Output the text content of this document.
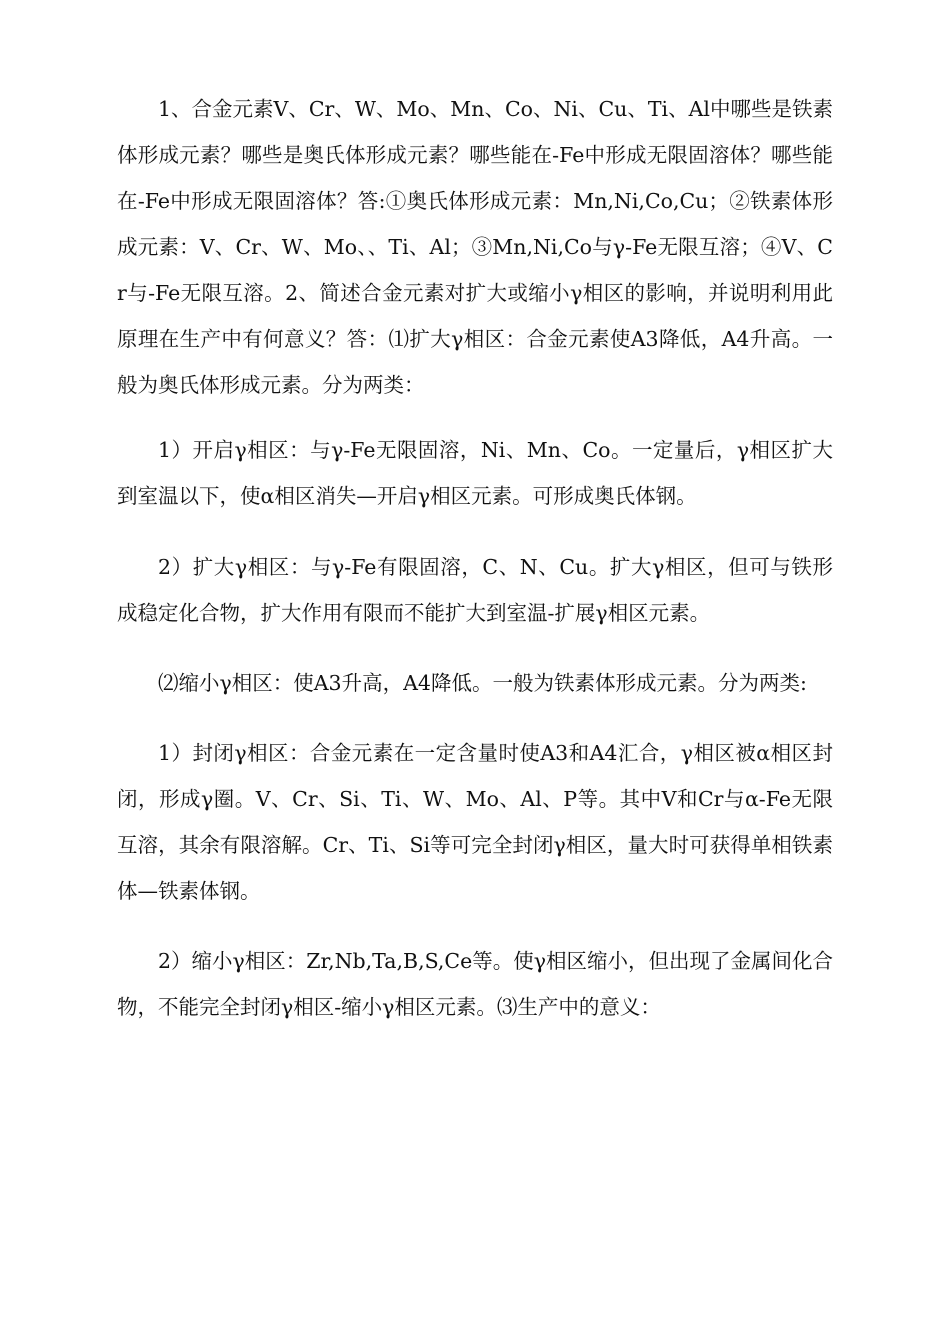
1、合金元素V、Cr、W、Mo、Mn、Co、Ni、Cu、Ti、Al中哪些是铁素体形成元素？哪些是奥氏体形成元素？哪些能在-Fe中形成无限固溶体？哪些能在-Fe中形成无限固溶体？答:①奥氏体形成元素：Mn,Ni,Co,Cu；②铁素体形成元素：V、Cr、W、Mo、、Ti、Al；③Mn,Ni,Co与γ-Fe无限互溶；④V、Cr与-Fe无限互溶。2、简述合金元素对扩大或缩小γ相区的影响，并说明利用此原理在生产中有何意义？答：⑴扩大γ相区：合金元素使A3降低，A4升高。一般为奥氏体形成元素。分为两类：

1）开启γ相区：与γ-Fe无限固溶，Ni、Mn、Co。一定量后，γ相区扩大到室温以下，使α相区消失—开启γ相区元素。可形成奥氏体钢。

2）扩大γ相区：与γ-Fe有限固溶，C、N、Cu。扩大γ相区，但可与铁形成稳定化合物，扩大作用有限而不能扩大到室温-扩展γ相区元素。

⑵缩小γ相区：使A3升高，A4降低。一般为铁素体形成元素。分为两类:

1）封闭γ相区：合金元素在一定含量时使A3和A4汇合，γ相区被α相区封闭，形成γ圈。V、Cr、Si、Ti、W、Mo、Al、P等。其中V和Cr与α-Fe无限互溶，其余有限溶解。Cr、Ti、Si等可完全封闭γ相区，量大时可获得单相铁素体—铁素体钢。

2）缩小γ相区：Zr,Nb,Ta,B,S,Ce等。使γ相区缩小，但出现了金属间化合物，不能完全封闭γ相区-缩小γ相区元素。⑶生产中的意义：
